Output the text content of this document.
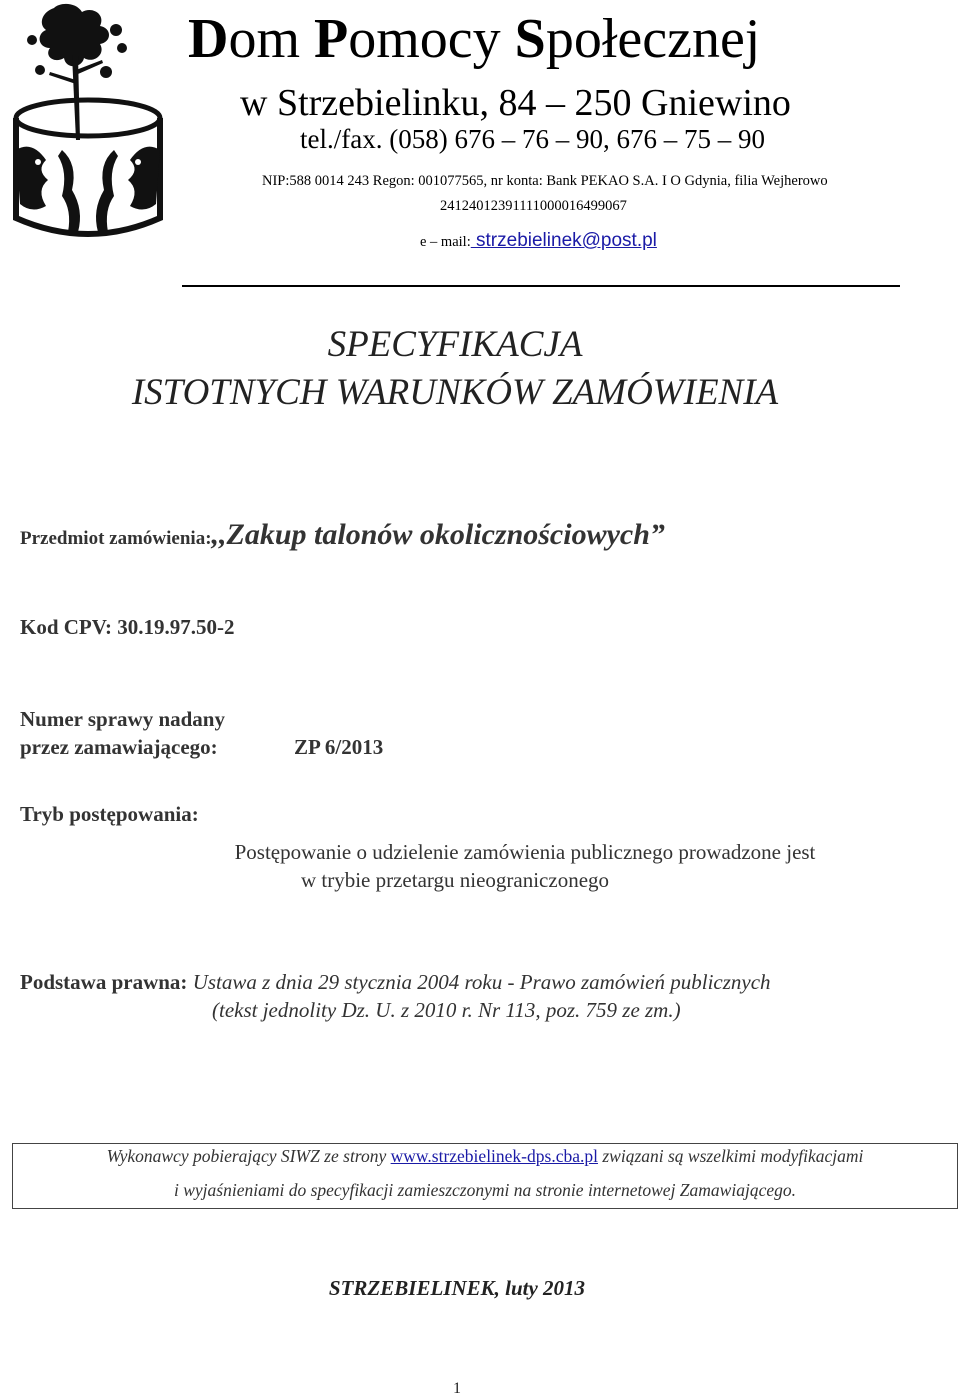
Dom Pomocy Społecznej
w Strzebielinku, 84 – 250 Gniewino
tel./fax. (058) 676 – 76 – 90, 676 – 75 – 90
NIP:588 0014 243 Regon: 001077565, nr konta: Bank PEKAO S.A. I O Gdynia, filia Wejherowo
24124012391111000016499067
e – mail: strzebielinek@post.pl
SPECYFIKACJA
ISTOTNYCH WARUNKÓW ZAMÓWIENIA
Przedmiot zamówienia:,,Zakup talonów okolicznościowych”
Kod CPV: 30.19.97.50-2
Numer sprawy nadany
przez zamawiającego:	ZP 6/2013
Tryb postępowania:
Postępowanie o udzielenie zamówienia publicznego prowadzone jest
w trybie przetargu nieograniczonego
Podstawa prawna: Ustawa z dnia 29 stycznia 2004 roku - Prawo zamówień publicznych
(tekst jednolity Dz. U. z 2010 r. Nr 113, poz. 759 ze zm.)
Wykonawcy pobierający SIWZ ze strony www.strzebielinek-dps.cba.pl związani są wszelkimi modyfikacjami
i wyjaśnieniami do specyfikacji zamieszczonymi na stronie internetowej Zamawiającego.
STRZEBIELINEK, luty 2013
1
